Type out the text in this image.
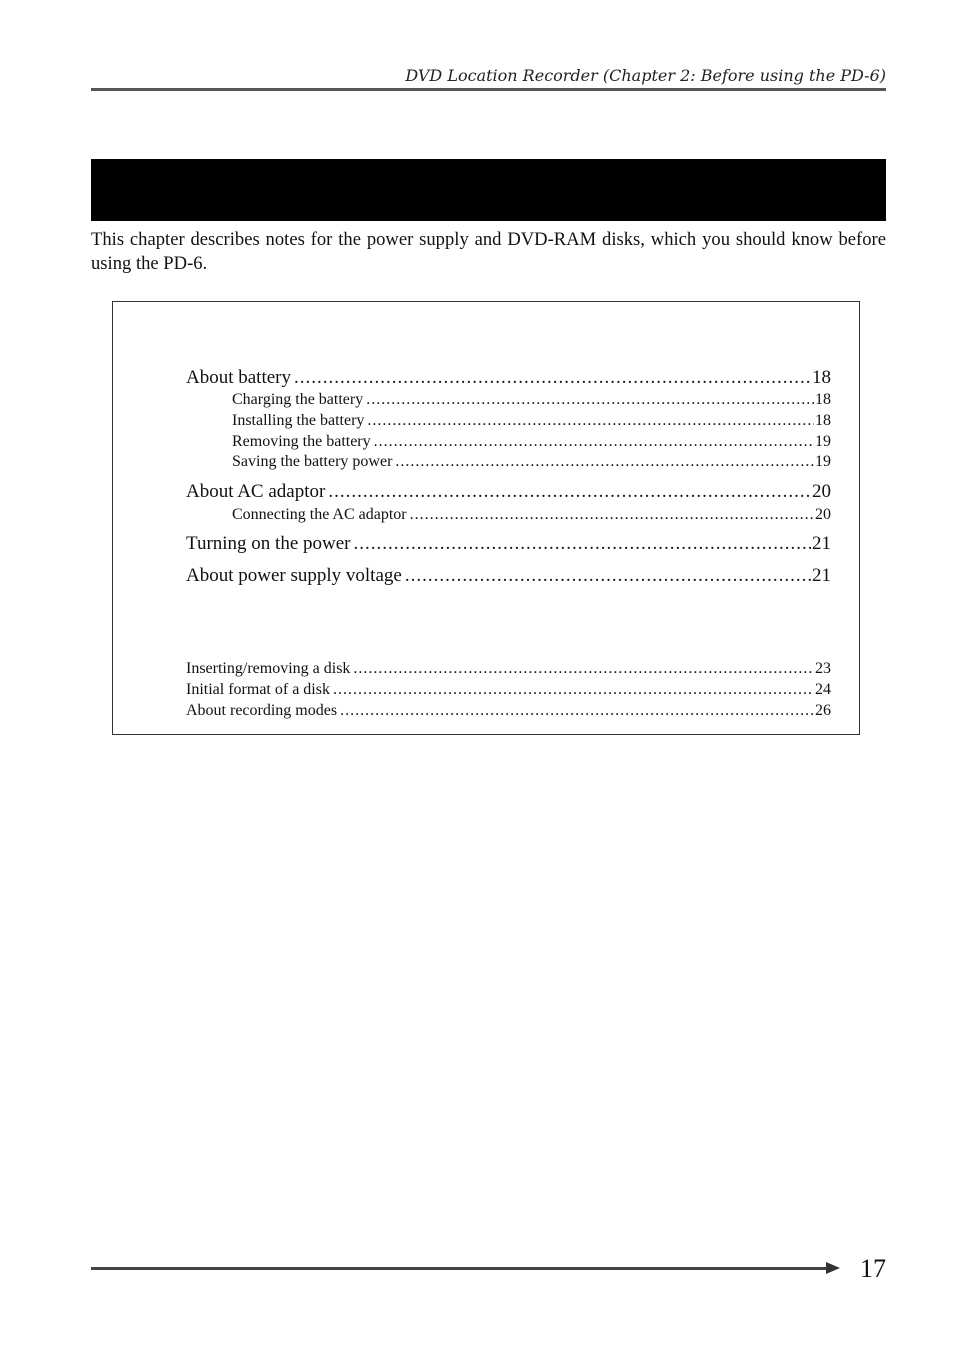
DVD Location Recorder (Chapter 2: Before using the PD-6)
This chapter describes notes for the power supply and DVD-RAM disks, which you should know before using the PD-6.
About battery .....	18
Charging the battery .....	18
Installing the battery .....	18
Removing the battery .....	19
Saving the battery power .....	19
About AC adaptor .....	20
Connecting the AC adaptor .....	20
Turning on the power .....	21
About power supply voltage .....	21
Inserting/removing a disk .....	23
Initial format of a disk .....	24
About recording modes .....	26
17
